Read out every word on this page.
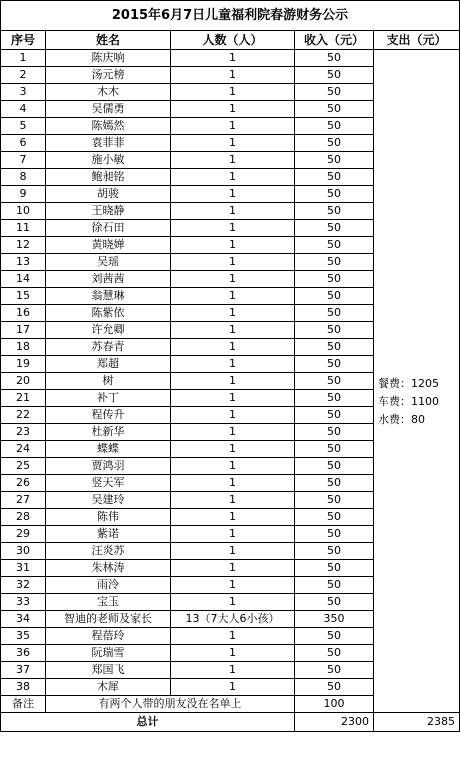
2015年6月7日儿童福利院春游财务公示				
序号	姓名	人数（人）	收入（元）	支出（元）
1	陈庆响	1	50	餐费：1205
车费：1100
水费：80

2	汤元榜	1	50	
3	木木	1	50	
4	吴儒勇	1	50	
5	陈嫣然	1	50	
6	袁菲菲	1	50	
7	施小敏	1	50	
8	鲍昶铭	1	50	
9	胡骏	1	50	
10	王晓静	1	50	
11	徐石田	1	50	
12	黄晓婵	1	50	
13	吴瑶	1	50	
14	刘茜茜	1	50	
15	翁慧琳	1	50	
16	陈紫依	1	50	
17	许允卿	1	50	
18	苏春青	1	50	
19	郑超	1	50	
20	树	1	50	
21	补丁	1	50	
22	程传升	1	50	
23	杜新华	1	50	
24	蝶蝶	1	50	
25	贾鸿羽	1	50	
26	竖天军	1	50	
27	吴建玲	1	50	
28	陈伟	1	50	
29	紫诺	1	50	
30	汪炎苏	1	50	
31	朱林涛	1	50	
32	雨泠	1	50	
33	宝玉	1	50	
34	智迪的老师及家长	13（7大人6小孩）	350	
35	程蓓玲	1	50	
36	阮瑞雪	1	50	
37	郑国飞	1	50	
38	木犀	1	50	
备注	有两个人带的朋友没在名单上		100	
总计			2300	2385
